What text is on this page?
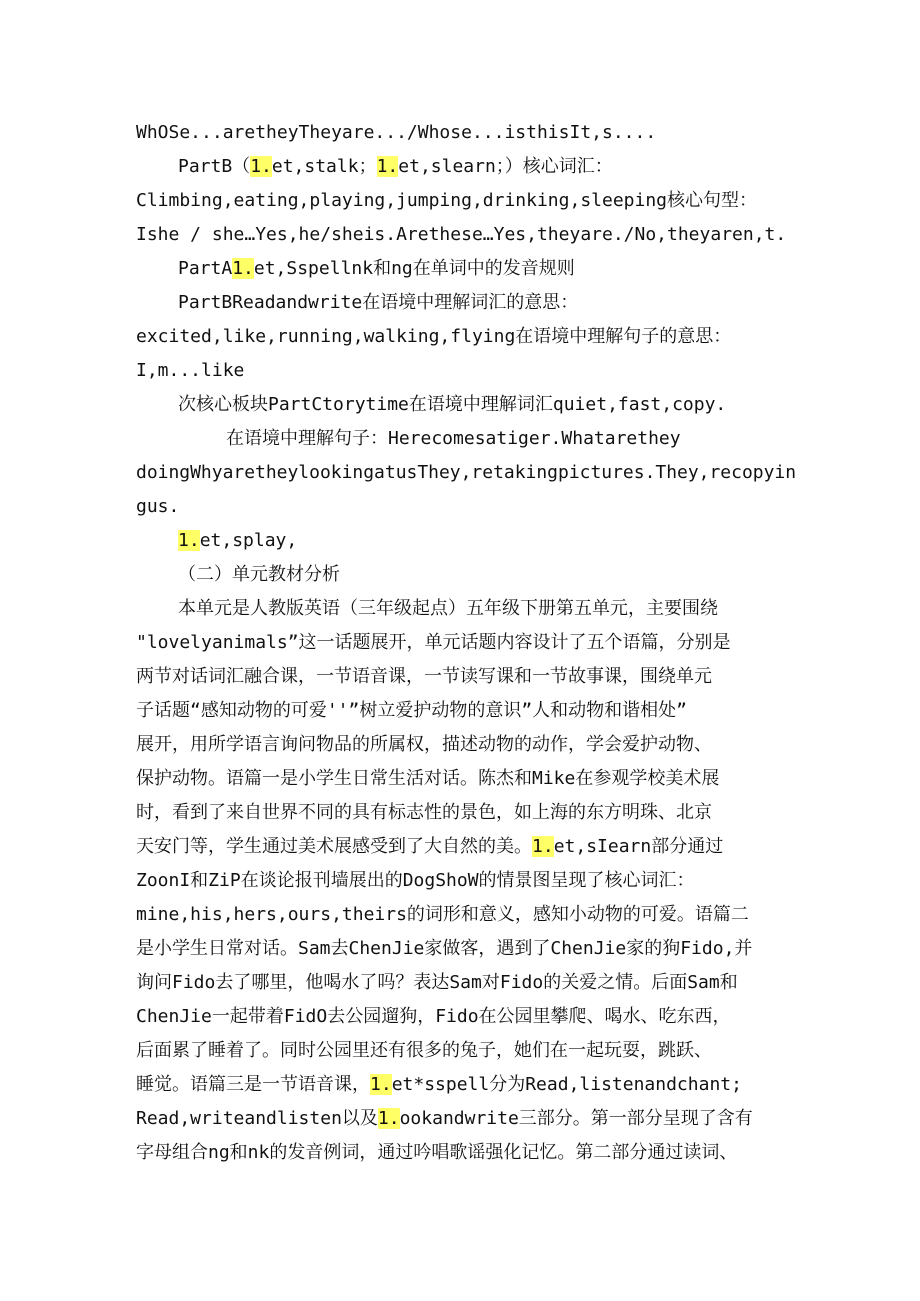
WhOSe...aretheyTheyare.../Whose...isthisIt,s....
PartB（1.et,stalk；1.et,slearn；）核心词汇：
Climbing,eating,playing,jumping,drinking,sleeping核心句型：
Ishe / she…Yes,he/sheis.Arethese…Yes,theyare./No,theyaren,t.
PartA1.et,Sspellnk和ng在单词中的发音规则
PartBReadandwrite在语境中理解词汇的意思：
excited,like,running,walking,flying在语境中理解句子的意思：
I,m...like
次核心板块PartCtorytime在语境中理解词汇quiet,fast,copy.
在语境中理解句子：Herecomesatiger.Whatarethey
doingWhyaretheylookingatusThey,retakingpictures.They,recopyin
gus.
1.et,splay,
（二）单元教材分析
本单元是人教版英语（三年级起点）五年级下册第五单元，主要围绕
"lovelyanimals”这一话题展开，单元话题内容设计了五个语篇，分别是
两节对话词汇融合课，一节语音课，一节读写课和一节故事课，围绕单元
子话题“感知动物的可爱''”树立爱护动物的意识”人和动物和谐相处”
展开，用所学语言询问物品的所属权，描述动物的动作，学会爱护动物、
保护动物。语篇一是小学生日常生活对话。陈杰和Mike在参观学校美术展
时，看到了来自世界不同的具有标志性的景色，如上海的东方明珠、北京
天安门等，学生通过美术展感受到了大自然的美。1.et,sIearn部分通过
ZoonI和ZiP在谈论报刊墙展出的DogShoW的情景图呈现了核心词汇：
mine,his,hers,ours,theirs的词形和意义，感知小动物的可爱。语篇二
是小学生日常对话。Sam去ChenJie家做客，遇到了ChenJie家的狗Fido,并
询问Fido去了哪里，他喝水了吗？表达Sam对Fido的关爱之情。后面Sam和
ChenJie一起带着FidO去公园遛狗，Fido在公园里攀爬、喝水、吃东西，
后面累了睡着了。同时公园里还有很多的兔子，她们在一起玩耍，跳跃、
睡觉。语篇三是一节语音课，1.et*sspell分为Read,listenandchant;
Read,writeandlisten以及1.ookandwrite三部分。第一部分呈现了含有
字母组合ng和nk的发音例词，通过吟唱歌谣强化记忆。第二部分通过读词、
